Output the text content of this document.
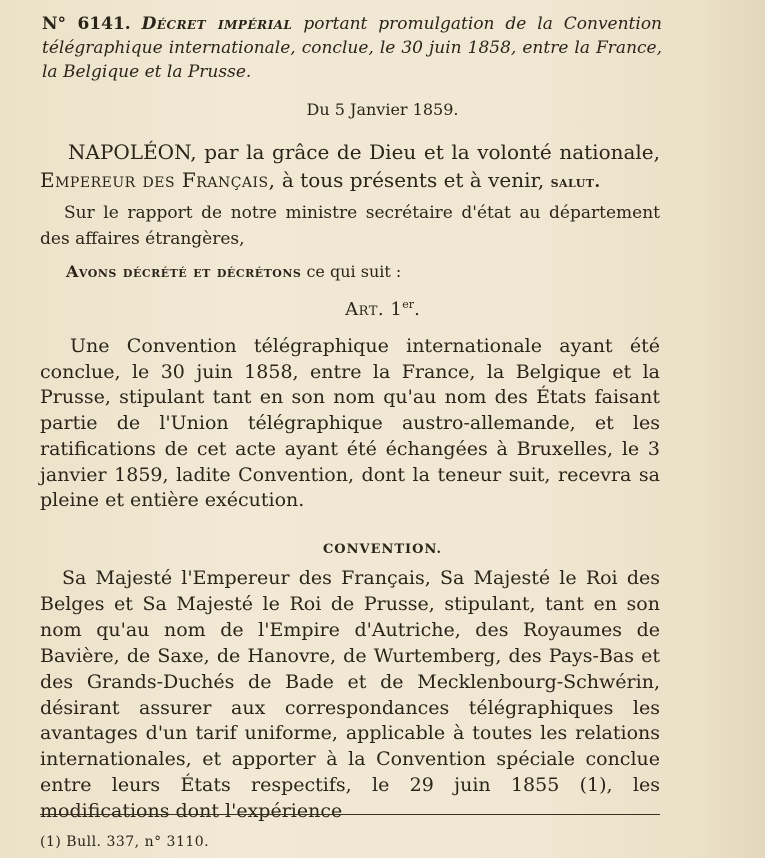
N° 6141. Décret impérial portant promulgation de la Convention télégraphique internationale, conclue, le 30 juin 1858, entre la France, la Belgique et la Prusse.
Du 5 Janvier 1859.
NAPOLÉON, par la grâce de Dieu et la volonté nationale, Empereur des Français, à tous présents et à venir, salut.
Sur le rapport de notre ministre secrétaire d'état au département des affaires étrangères,
Avons décrété et décrétons ce qui suit :
Art. 1er.
Une Convention télégraphique internationale ayant été conclue, le 30 juin 1858, entre la France, la Belgique et la Prusse, stipulant tant en son nom qu'au nom des États faisant partie de l'Union télégraphique austro-allemande, et les ratifications de cet acte ayant été échangées à Bruxelles, le 3 janvier 1859, ladite Convention, dont la teneur suit, recevra sa pleine et entière exécution.
CONVENTION.
Sa Majesté l'Empereur des Français, Sa Majesté le Roi des Belges et Sa Majesté le Roi de Prusse, stipulant, tant en son nom qu'au nom de l'Empire d'Autriche, des Royaumes de Bavière, de Saxe, de Hanovre, de Wurtemberg, des Pays-Bas et des Grands-Duchés de Bade et de Mecklenbourg-Schwérin, désirant assurer aux correspondances télégraphiques les avantages d'un tarif uniforme, applicable à toutes les relations internationales, et apporter à la Convention spéciale conclue entre leurs États respectifs, le 29 juin 1855 (1), les modifications dont l'expérience
(1) Bull. 337, n° 3110.
